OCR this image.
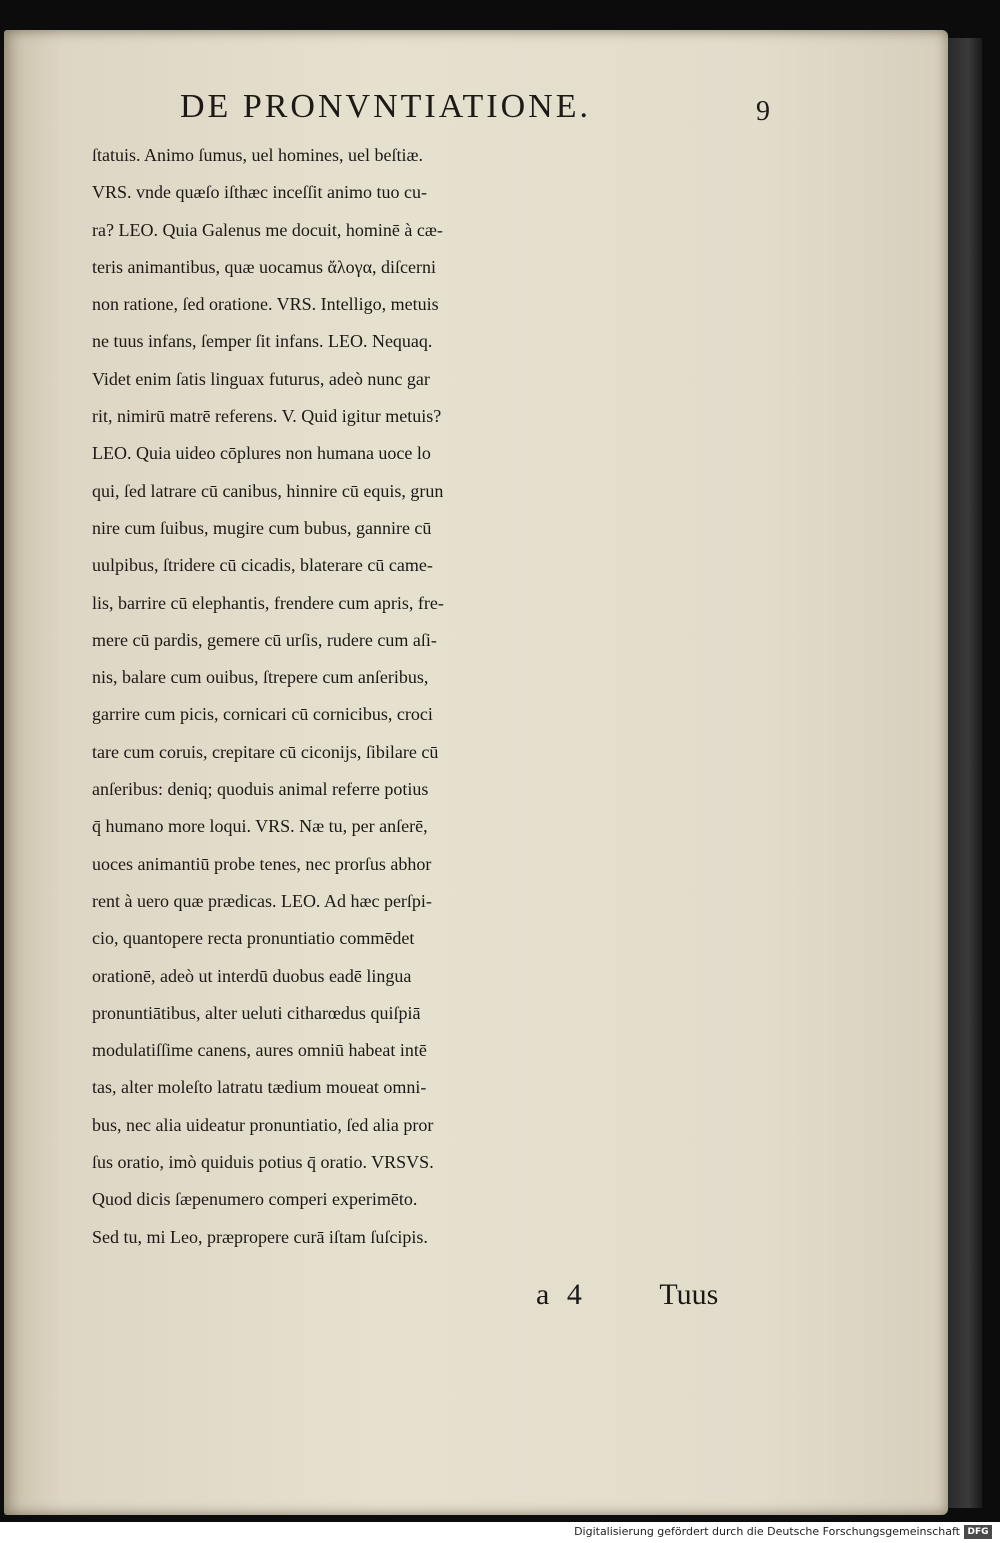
DE PRONVNTIATIONE.	9
ſtatuis. Animo ſumus, uel homines, uel beſtiæ.
VRS. vnde quæſo iſthæc inceſſit animo tuo cu-
ra? LEO. Quia Galenus me docuit, hominē à cæ-
teris animantibus, quæ uocamus ἄλογα, diſcerni
non ratione, ſed oratione. VRS. Intelligo, metuis
ne tuus infans, ſemper ſit infans. LEO. Nequaq.
Videt enim ſatis linguax futurus, adeò nunc gar
rit, nimirū matrē referens. V. Quid igitur metuis?
LEO. Quia uideo cōplures non humana uoce lo
qui, ſed latrare cū canibus, hinnire cū equis, grun
nire cum ſuibus, mugire cum bubus, gannire cū
uulpibus, ſtridere cū cicadis, blaterare cū came-
lis, barrire cū elephantis, frendere cum apris, fre-
mere cū pardis, gemere cū urſis, rudere cum aſi-
nis, balare cum ouibus, ſtrepere cum anſeribus,
garrire cum picis, cornicari cū cornicibus, croci
tare cum coruis, crepitare cū ciconijs, ſibilare cū
anſeribus: deniq; quoduis animal referre potius
q̄ humano more loqui. VRS. Næ tu, per anſerē,
uoces animantiū probe tenes, nec prorſus abhor
rent à uero quæ prædicas. LEO. Ad hæc perſpi-
cio, quantopere recta pronuntiatio commēdet
orationē, adeò ut interdū duobus eadē lingua
pronuntiātibus, alter ueluti citharœdus quiſpiā
modulatiſſime canens, aures omniū habeat intē
tas, alter moleſto latratu tædium moueat omni-
bus, nec alia uideatur pronuntiatio, ſed alia pror
ſus oratio, imò quiduis potius q̄ oratio. VRSVS.
Quod dicis ſæpenumero comperi experimēto.
Sed tu, mi Leo, præpropere curā iſtam ſuſcipis.
a 4	Tuus
Digitalisierung gefördert durch die Deutsche Forschungsgemeinschaft DFG
